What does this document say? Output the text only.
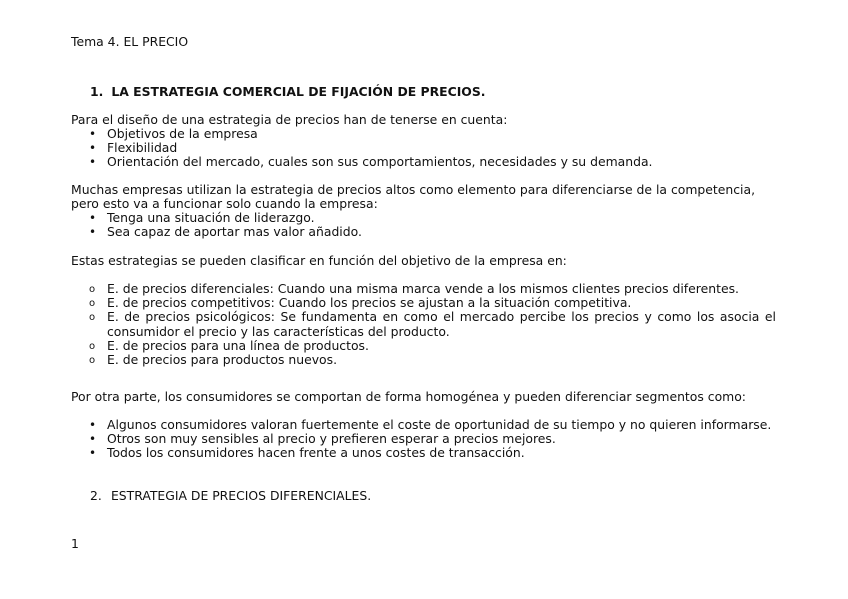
Tema 4. EL PRECIO
1. LA ESTRATEGIA COMERCIAL DE FIJACIÓN DE PRECIOS.
Para el diseño de una estrategia de precios han de tenerse en cuenta:
• Objetivos de la empresa
• Flexibilidad
• Orientación del mercado, cuales son sus comportamientos, necesidades y su demanda.
Muchas empresas utilizan la estrategia de precios altos como elemento para diferenciarse de la competencia, pero esto va a funcionar solo cuando la empresa:
• Tenga una situación de liderazgo.
• Sea capaz de aportar mas valor añadido.
Estas estrategias se pueden clasificar en función del objetivo de la empresa en:
o E. de precios diferenciales: Cuando una misma marca vende a los mismos clientes precios diferentes.
o E. de precios competitivos: Cuando los precios se ajustan a la situación competitiva.
o E. de precios psicológicos: Se fundamenta en como el mercado percibe los precios y como los asocia el consumidor el precio y las características del producto.
o E. de precios para una línea de productos.
o E. de precios para productos nuevos.
Por otra parte, los consumidores se comportan de forma homogénea y pueden diferenciar segmentos como:
• Algunos consumidores valoran fuertemente el coste de oportunidad de su tiempo y no quieren informarse.
• Otros son muy sensibles al precio y prefieren esperar a precios mejores.
• Todos los consumidores hacen frente a unos costes de transacción.
2. ESTRATEGIA DE PRECIOS DIFERENCIALES.
1
